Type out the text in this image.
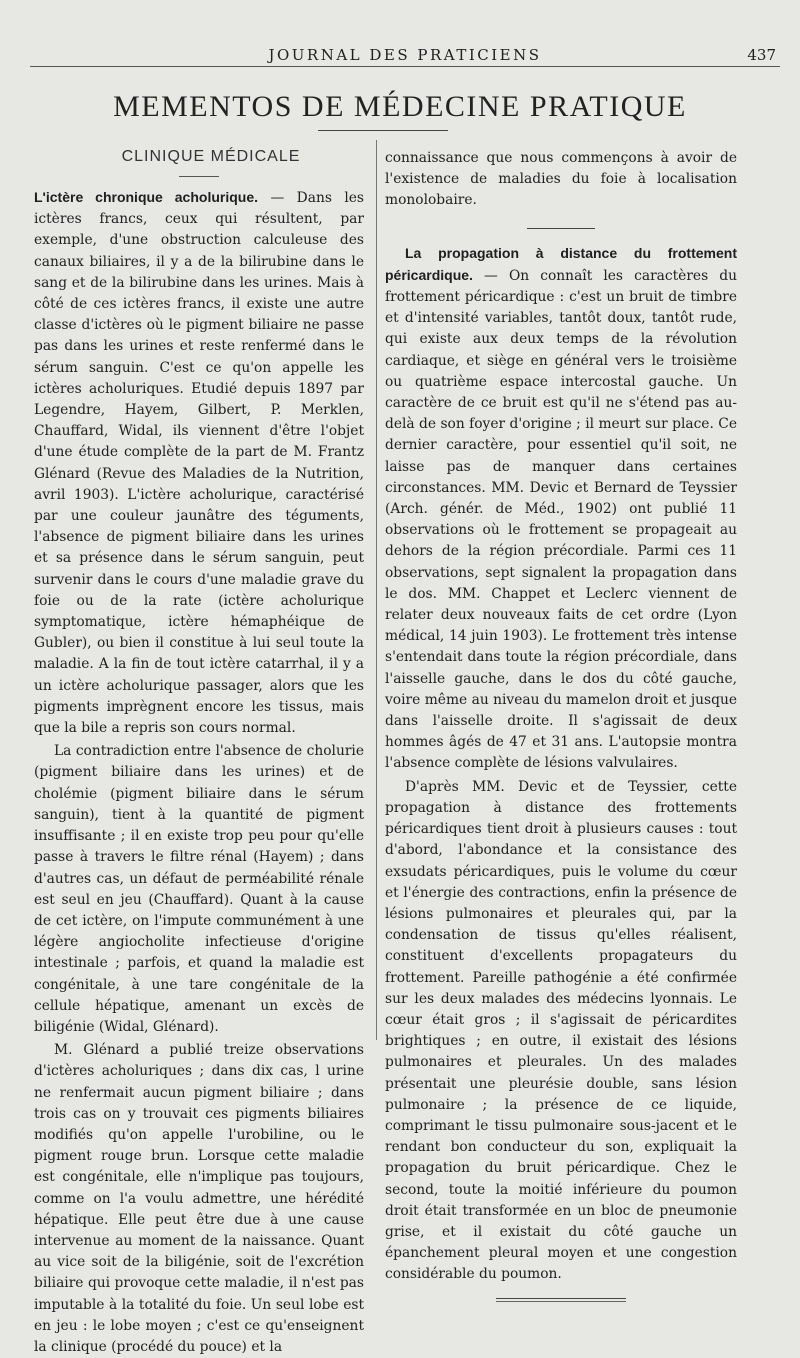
JOURNAL DES PRATICIENS	437
MEMENTOS DE MÉDECINE PRATIQUE
CLINIQUE MÉDICALE

L'ictère chronique acholurique. — Dans les ictères francs, ceux qui résultent, par exemple, d'une obstruction calculeuse des canaux biliaires, il y a de la bilirubine dans le sang et de la bilirubine dans les urines. Mais à côté de ces ictères francs, il existe une autre classe d'ictères où le pigment biliaire ne passe pas dans les urines et reste renfermé dans le sérum sanguin. C'est ce qu'on appelle les ictères acholuriques. Etudié depuis 1897 par Legendre, Hayem, Gilbert, P. Merklen, Chauffard, Widal, ils viennent d'être l'objet d'une étude complète de la part de M. Frantz Glénard (Revue des Maladies de la Nutrition, avril 1903). L'ictère acholurique, caractérisé par une couleur jaunâtre des téguments, l'absence de pigment biliaire dans les urines et sa présence dans le sérum sanguin, peut survenir dans le cours d'une maladie grave du foie ou de la rate (ictère acholurique symptomatique, ictère hémaphéique de Gubler), ou bien il constitue à lui seul toute la maladie. A la fin de tout ictère catarrhal, il y a un ictère acholurique passager, alors que les pigments imprègnent encore les tissus, mais que la bile a repris son cours normal.

La contradiction entre l'absence de cholurie (pigment biliaire dans les urines) et de cholémie (pigment biliaire dans le sérum sanguin), tient à la quantité de pigment insuffisante ; il en existe trop peu pour qu'elle passe à travers le filtre rénal (Hayem) ; dans d'autres cas, un défaut de perméabilité rénale est seul en jeu (Chauffard). Quant à la cause de cet ictère, on l'impute communément à une légère angiocholite infectieuse d'origine intestinale ; parfois, et quand la maladie est congénitale, à une tare congénitale de la cellule hépatique, amenant un excès de biligénie (Widal, Glénard).

M. Glénard a publié treize observations d'ictères acholuriques ; dans dix cas, l urine ne renfermait aucun pigment biliaire ; dans trois cas on y trouvait ces pigments biliaires modifiés qu'on appelle l'urobiline, ou le pigment rouge brun. Lorsque cette maladie est congénitale, elle n'implique pas toujours, comme on l'a voulu admettre, une hérédité hépatique. Elle peut être due à une cause intervenue au moment de la naissance. Quant au vice soit de la biligénie, soit de l'excrétion biliaire qui provoque cette maladie, il n'est pas imputable à la totalité du foie. Un seul lobe est en jeu : le lobe moyen ; c'est ce qu'enseignent la clinique (procédé du pouce) et la

connaissance que nous commençons à avoir de l'existence de maladies du foie à localisation monolobaire.

La propagation à distance du frottement péricardique. — On connaît les caractères du frottement péricardique : c'est un bruit de timbre et d'intensité variables, tantôt doux, tantôt rude, qui existe aux deux temps de la révolution cardiaque, et siège en général vers le troisième ou quatrième espace intercostal gauche. Un caractère de ce bruit est qu'il ne s'étend pas au-delà de son foyer d'origine ; il meurt sur place. Ce dernier caractère, pour essentiel qu'il soit, ne laisse pas de manquer dans certaines circonstances. MM. Devic et Bernard de Teyssier (Arch. génér. de Méd., 1902) ont publié 11 observations où le frottement se propageait au dehors de la région précordiale. Parmi ces 11 observations, sept signalent la propagation dans le dos. MM. Chappet et Leclerc viennent de relater deux nouveaux faits de cet ordre (Lyon médical, 14 juin 1903). Le frottement très intense s'entendait dans toute la région précordiale, dans l'aisselle gauche, dans le dos du côté gauche, voire même au niveau du mamelon droit et jusque dans l'aisselle droite. Il s'agissait de deux hommes âgés de 47 et 31 ans. L'autopsie montra l'absence complète de lésions valvulaires.

D'après MM. Devic et de Teyssier, cette propagation à distance des frottements péricardiques tient droit à plusieurs causes : tout d'abord, l'abondance et la consistance des exsudats péricardiques, puis le volume du cœur et l'énergie des contractions, enfin la présence de lésions pulmonaires et pleurales qui, par la condensation de tissus qu'elles réalisent, constituent d'excellents propagateurs du frottement. Pareille pathogénie a été confirmée sur les deux malades des médecins lyonnais. Le cœur était gros ; il s'agissait de péricardites brightiques ; en outre, il existait des lésions pulmonaires et pleurales. Un des malades présentait une pleurésie double, sans lésion pulmonaire ; la présence de ce liquide, comprimant le tissu pulmonaire sous-jacent et le rendant bon conducteur du son, expliquait la propagation du bruit péricardique. Chez le second, toute la moitié inférieure du poumon droit était transformée en un bloc de pneumonie grise, et il existait du côté gauche un épanchement pleural moyen et une congestion considérable du poumon.
